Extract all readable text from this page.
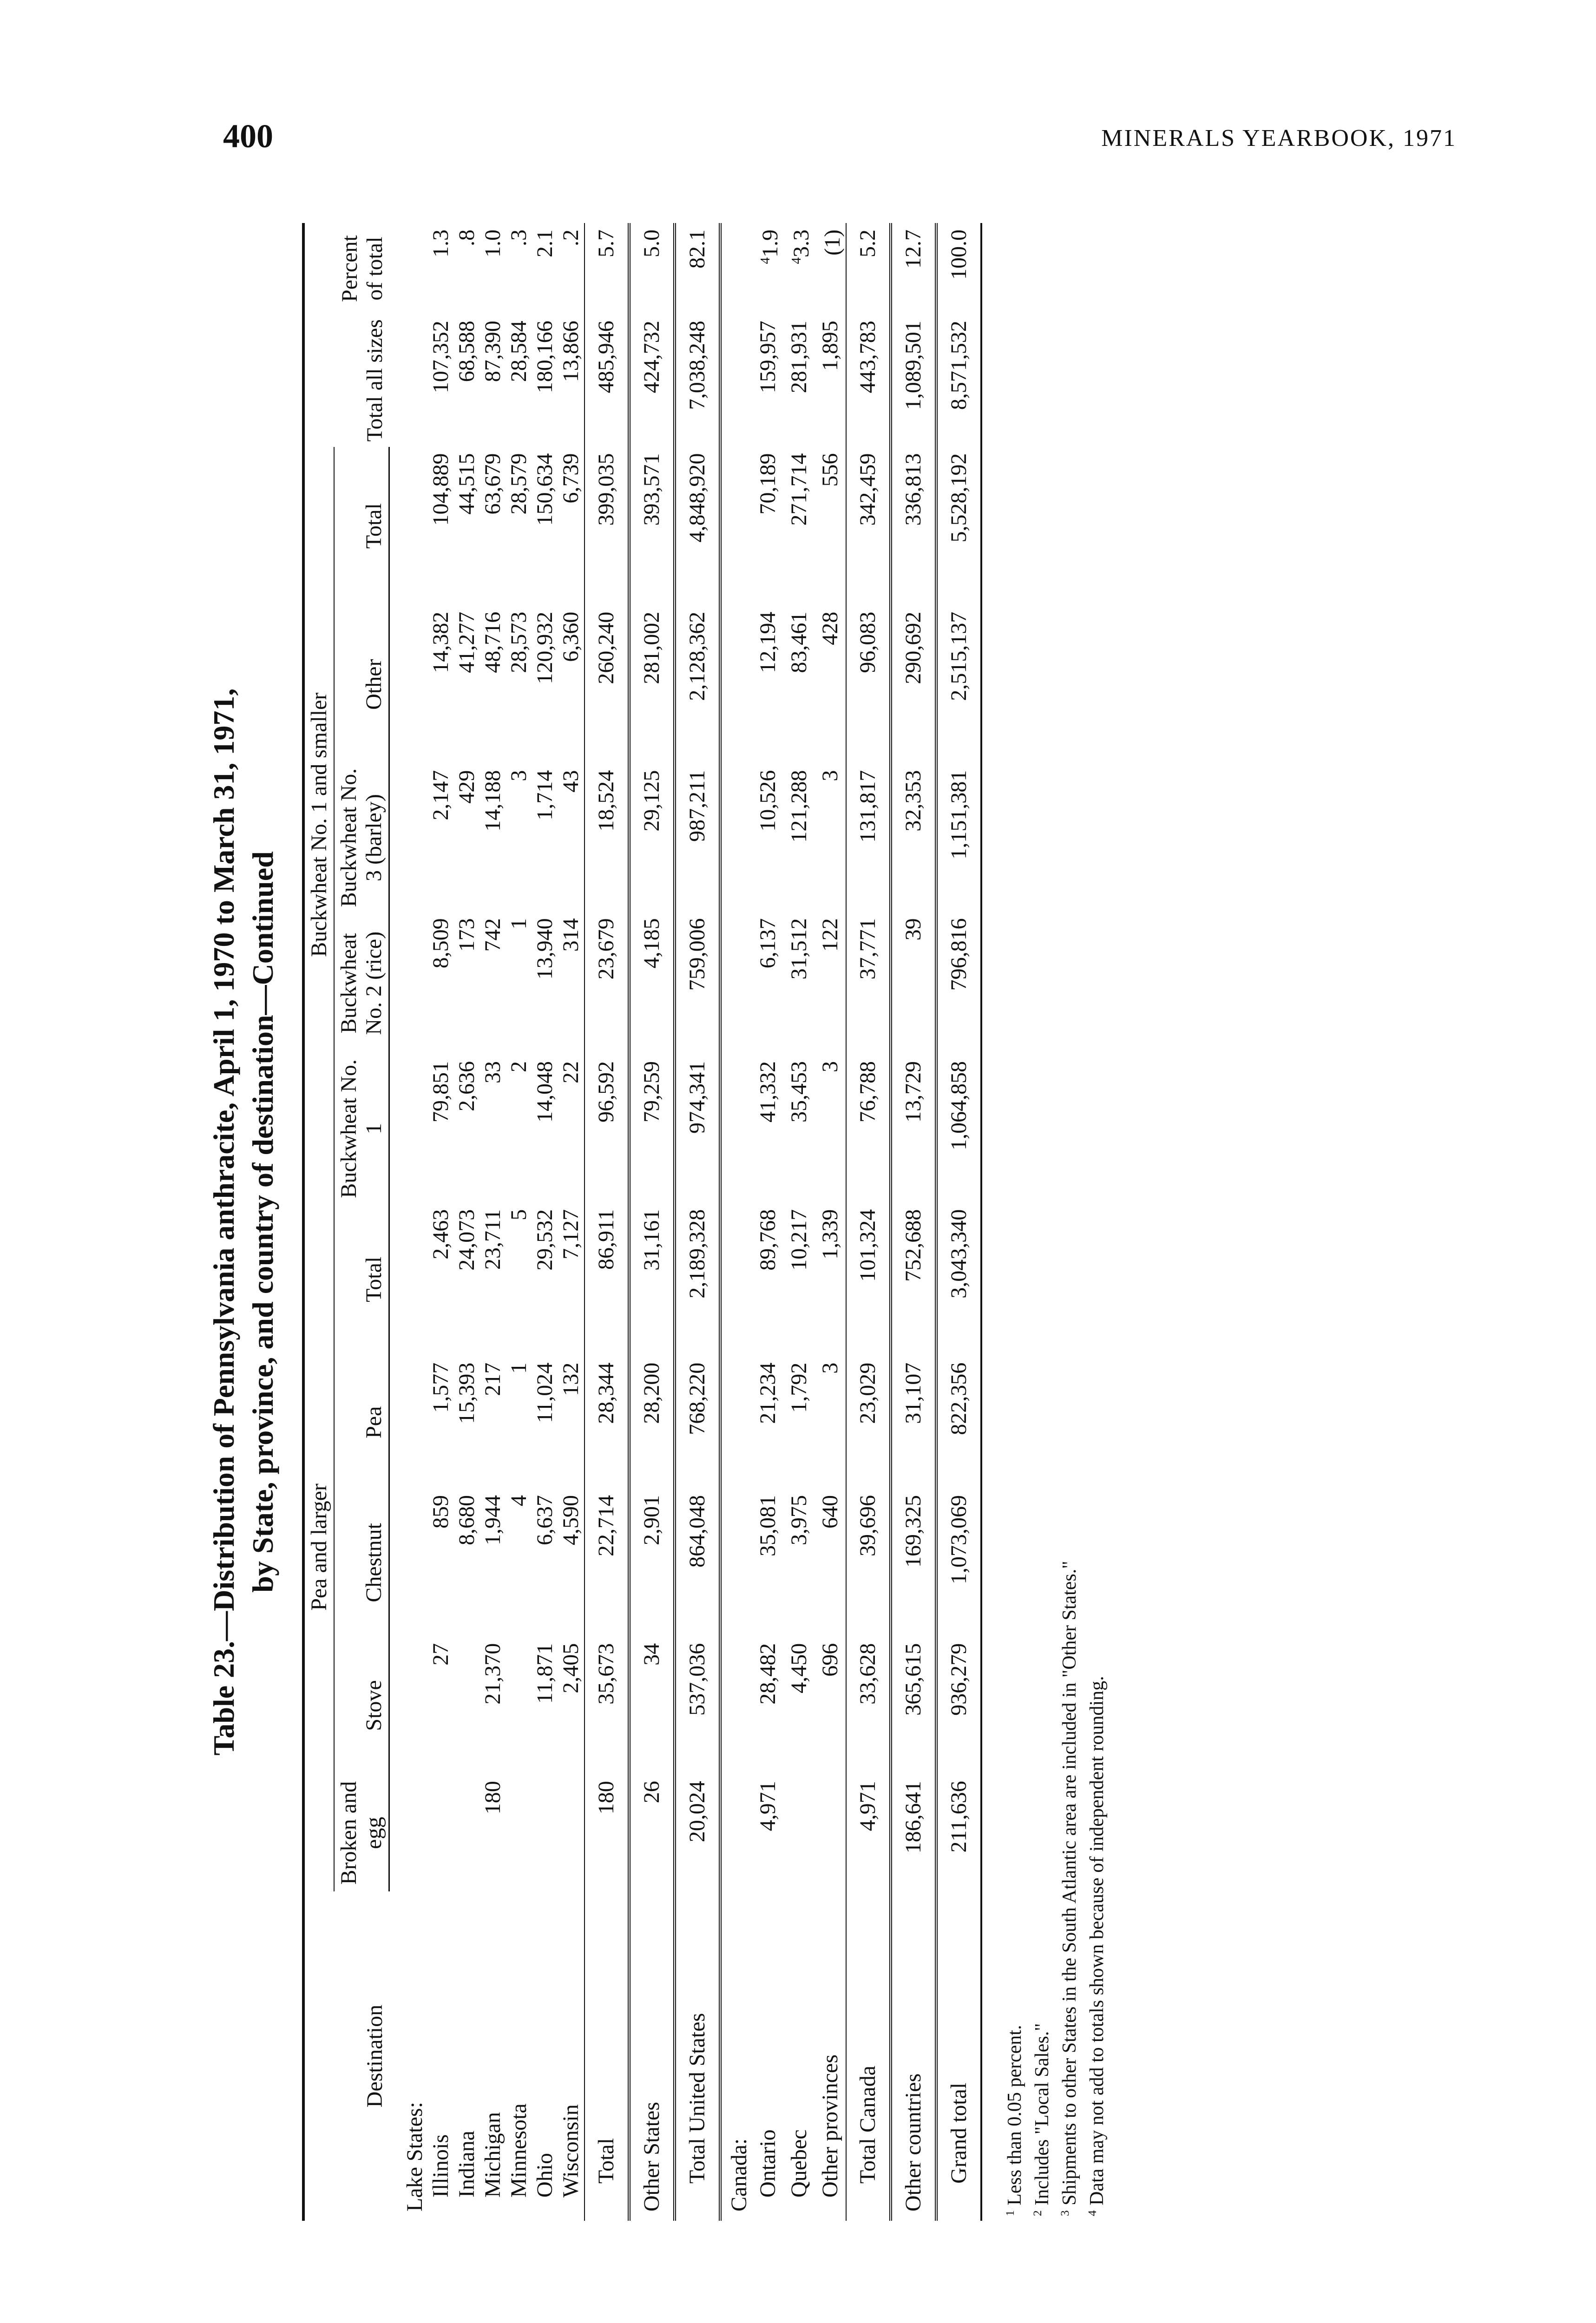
400	MINERALS YEARBOOK, 1971
Table 23.—Distribution of Pennsylvania anthracite, April 1, 1970 to March 31, 1971, by State, province, and country of destination—Continued
Destination	Pea and larger					Buckwheat No. 1 and smaller					Total all sizes	Percent of total
	Broken and egg	Stove	Chestnut	Pea	Total	Buckwheat No. 1	Buckwheat No. 2 (rice)	Buckwheat No. 3 (barley)	Other	Total		

Lake States:												
Illinois		27	859	1,577	2,463	79,851	8,509	2,147	14,382	104,889	107,352	1.3
Indiana			8,680	15,393	24,073	2,636	173	429	41,277	44,515	68,588	.8
Michigan	180	21,370	1,944	217	23,711	33	742	14,188	48,716	63,679	87,390	1.0
Minnesota			4	1	5	2	1	3	28,573	28,579	28,584	.3
Ohio		11,871	6,637	11,024	29,532	14,048	13,940	1,714	120,932	150,634	180,166	2.1
Wisconsin		2,405	4,590	132	7,127	22	314	43	6,360	6,739	13,866	.2
Total	180	35,673	22,714	28,344	86,911	96,592	23,679	18,524	260,240	399,035	485,946	5.7
Other States	26	34	2,901	28,200	31,161	79,259	4,185	29,125	281,002	393,571	424,732	5.0
Total United States	20,024	537,036	864,048	768,220	2,189,328	974,341	759,006	987,211	2,128,362	4,848,920	7,038,248	82.1
Canada:												
Ontario	4,971	28,482	35,081	21,234	89,768	41,332	6,137	10,526	12,194	70,189	159,957	$^4$1.9
Quebec		4,450	3,975	1,792	10,217	35,453	31,512	121,288	83,461	271,714	281,931	$^4$3.3
Other provinces		696	640	3	1,339	3	122	3	428	556	1,895	(1)
Total Canada	4,971	33,628	39,696	23,029	101,324	76,788	37,771	131,817	96,083	342,459	443,783	5.2
Other countries	186,641	365,615	169,325	31,107	752,688	13,729	39	32,353	290,692	336,813	1,089,501	12.7
Grand total	211,636	936,279	1,073,069	822,356	3,043,340	1,064,858	796,816	1,151,381	2,515,137	5,528,192	8,571,532	100.0
$^1$ Less than 0.05 percent.
$^2$ Includes "Local Sales."
$^3$ Shipments to other States in the South Atlantic area are included in "Other States."
$^4$ Data may not add to totals shown because of independent rounding.
